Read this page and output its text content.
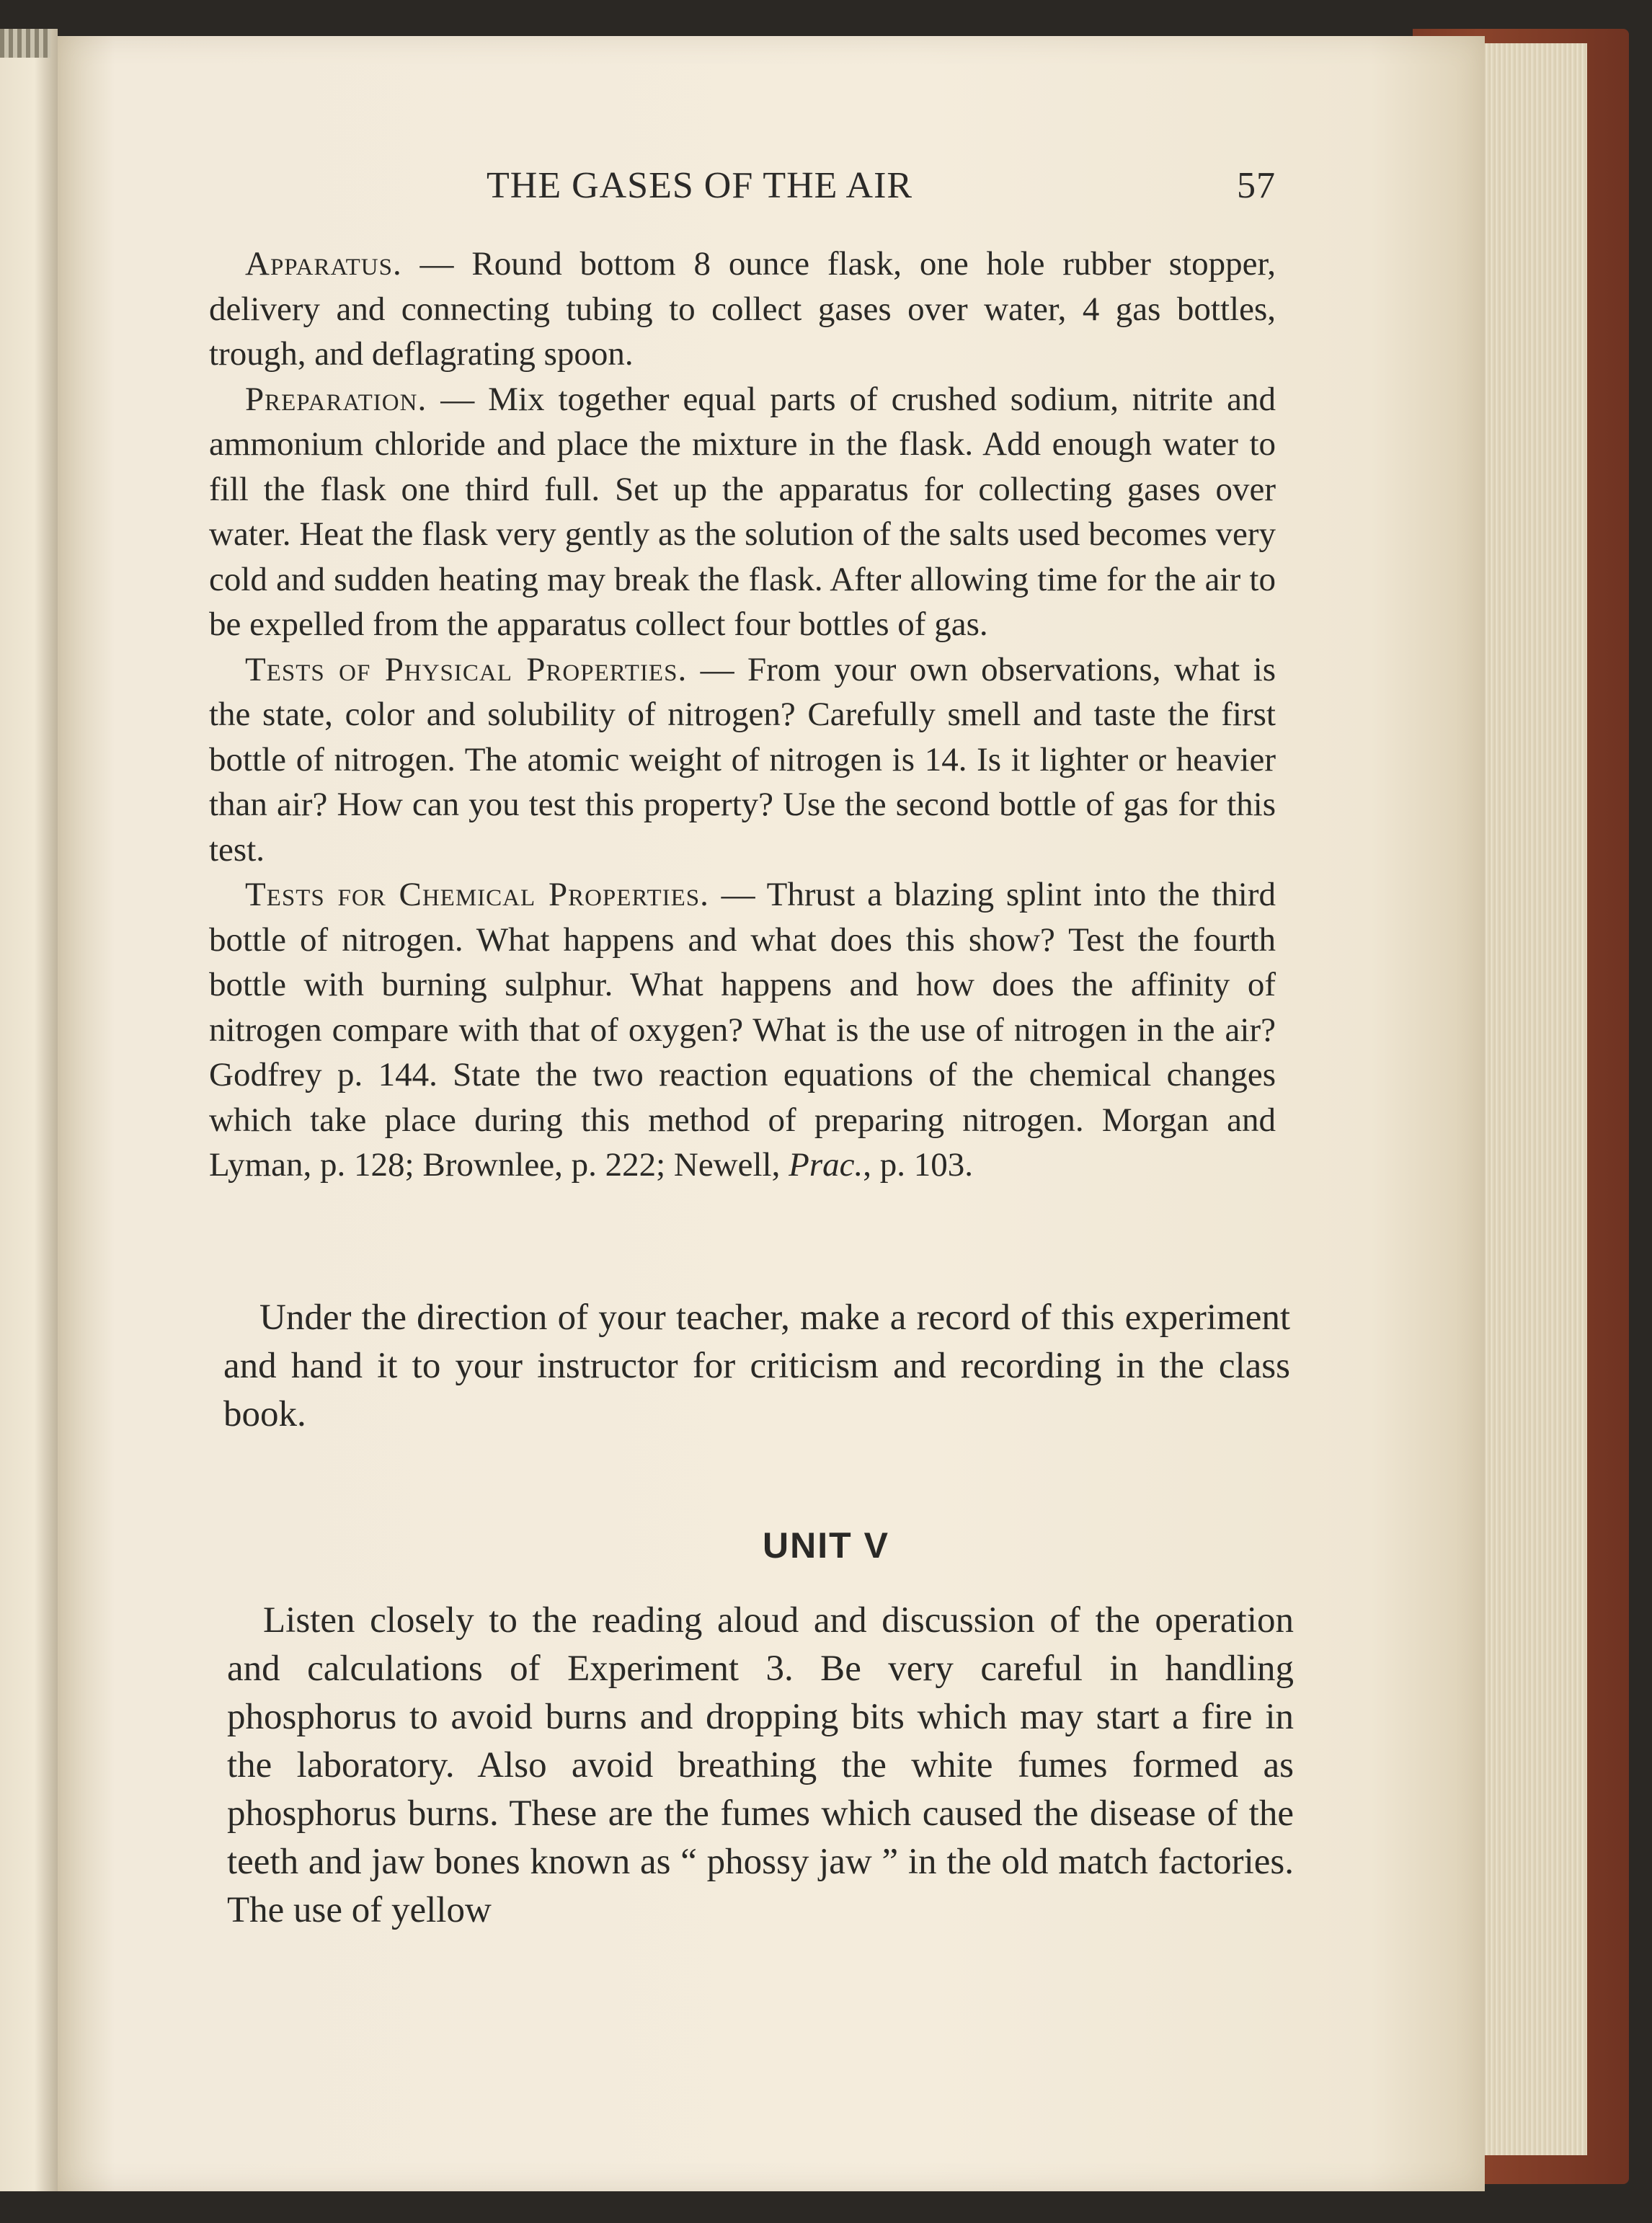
THE GASES OF THE AIR	57

Apparatus. — Round bottom 8 ounce flask, one hole rubber stopper, delivery and connecting tubing to collect gases over water, 4 gas bottles, trough, and deflagrating spoon.

Preparation. — Mix together equal parts of crushed sodium, nitrite and ammonium chloride and place the mixture in the flask. Add enough water to fill the flask one third full. Set up the apparatus for collecting gases over water. Heat the flask very gently as the solution of the salts used becomes very cold and sudden heating may break the flask. After allowing time for the air to be expelled from the apparatus collect four bottles of gas.

Tests of Physical Properties. — From your own observations, what is the state, color and solubility of nitrogen? Carefully smell and taste the first bottle of nitrogen. The atomic weight of nitrogen is 14. Is it lighter or heavier than air? How can you test this property? Use the second bottle of gas for this test.

Tests for Chemical Properties. — Thrust a blazing splint into the third bottle of nitrogen. What happens and what does this show? Test the fourth bottle with burning sulphur. What happens and how does the affinity of nitrogen compare with that of oxygen? What is the use of nitrogen in the air? Godfrey p. 144. State the two reaction equations of the chemical changes which take place during this method of preparing nitrogen. Morgan and Lyman, p. 128; Brownlee, p. 222; Newell, Prac., p. 103.

Under the direction of your teacher, make a record of this experiment and hand it to your instructor for criticism and recording in the class book.

UNIT V

Listen closely to the reading aloud and discussion of the operation and calculations of Experiment 3. Be very careful in handling phosphorus to avoid burns and dropping bits which may start a fire in the laboratory. Also avoid breathing the white fumes formed as phosphorus burns. These are the fumes which caused the disease of the teeth and jaw bones known as “ phossy jaw ” in the old match factories. The use of yellow
